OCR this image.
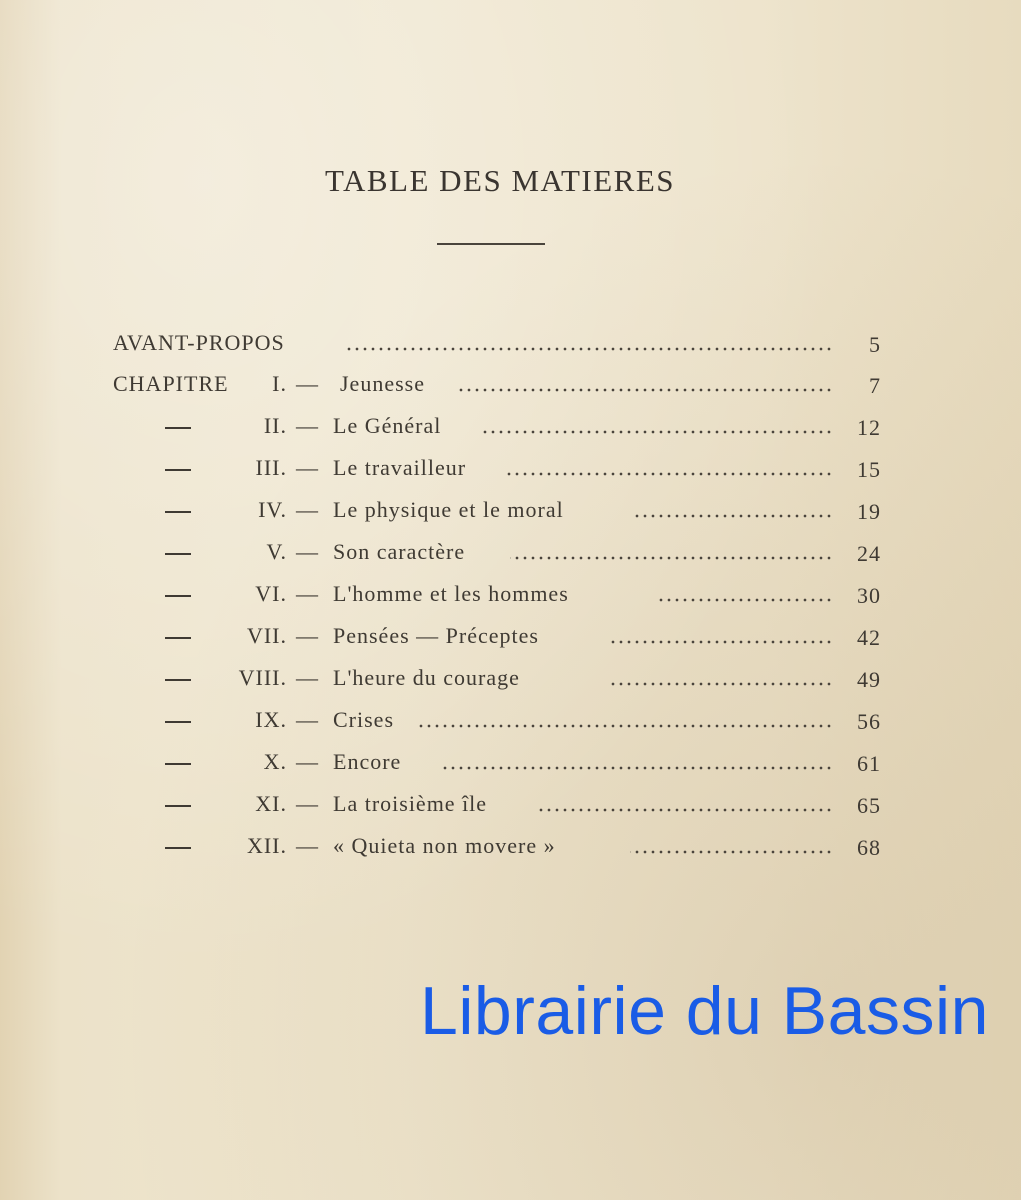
TABLE DES MATIERES
AVANT-PROPOS	5
CHAPITRE I. — Jeunesse	7
II. — Le Général	12
III. — Le travailleur	15
IV. — Le physique et le moral	19
V. — Son caractère	24
VI. — L'homme et les hommes	30
VII. — Pensées — Préceptes	42
VIII. — L'heure du courage	49
IX. — Crises	56
X. — Encore	61
XI. — La troisième île	65
XII. — « Quieta non movere »	68
Librairie du Bassin
